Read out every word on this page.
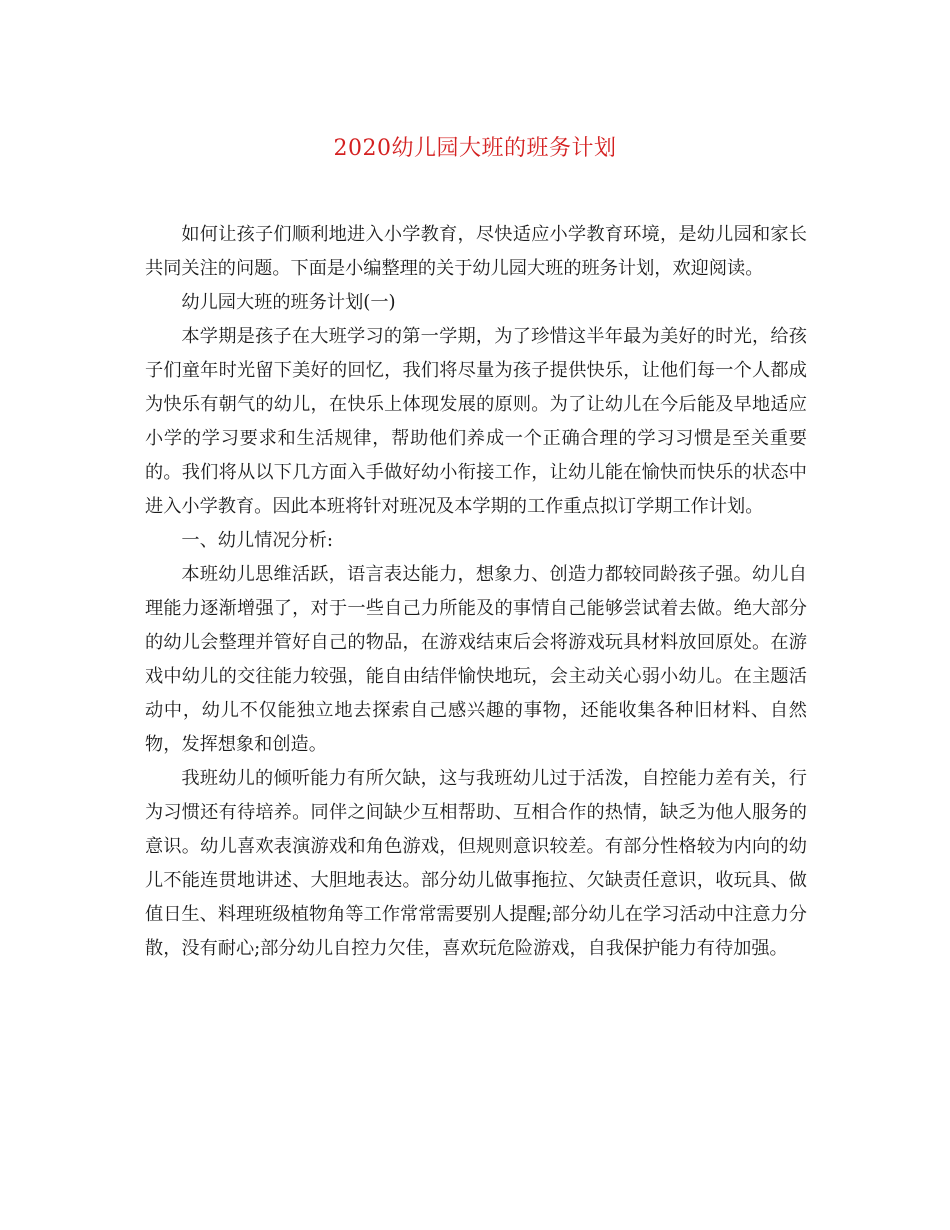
2020幼儿园大班的班务计划

如何让孩子们顺利地进入小学教育，尽快适应小学教育环境，是幼儿园和家长共同关注的问题。下面是小编整理的关于幼儿园大班的班务计划，欢迎阅读。

幼儿园大班的班务计划(一)

本学期是孩子在大班学习的第一学期，为了珍惜这半年最为美好的时光，给孩子们童年时光留下美好的回忆，我们将尽量为孩子提供快乐，让他们每一个人都成为快乐有朝气的幼儿，在快乐上体现发展的原则。为了让幼儿在今后能及早地适应小学的学习要求和生活规律，帮助他们养成一个正确合理的学习习惯是至关重要的。我们将从以下几方面入手做好幼小衔接工作，让幼儿能在愉快而快乐的状态中进入小学教育。因此本班将针对班况及本学期的工作重点拟订学期工作计划。

一、幼儿情况分析:

本班幼儿思维活跃，语言表达能力，想象力、创造力都较同龄孩子强。幼儿自理能力逐渐增强了，对于一些自己力所能及的事情自己能够尝试着去做。绝大部分的幼儿会整理并管好自己的物品，在游戏结束后会将游戏玩具材料放回原处。在游戏中幼儿的交往能力较强，能自由结伴愉快地玩，会主动关心弱小幼儿。在主题活动中，幼儿不仅能独立地去探索自己感兴趣的事物，还能收集各种旧材料、自然物，发挥想象和创造。

我班幼儿的倾听能力有所欠缺，这与我班幼儿过于活泼，自控能力差有关，行为习惯还有待培养。同伴之间缺少互相帮助、互相合作的热情，缺乏为他人服务的意识。幼儿喜欢表演游戏和角色游戏，但规则意识较差。有部分性格较为内向的幼儿不能连贯地讲述、大胆地表达。部分幼儿做事拖拉、欠缺责任意识，收玩具、做值日生、料理班级植物角等工作常常需要别人提醒;部分幼儿在学习活动中注意力分散，没有耐心;部分幼儿自控力欠佳，喜欢玩危险游戏，自我保护能力有待加强。
